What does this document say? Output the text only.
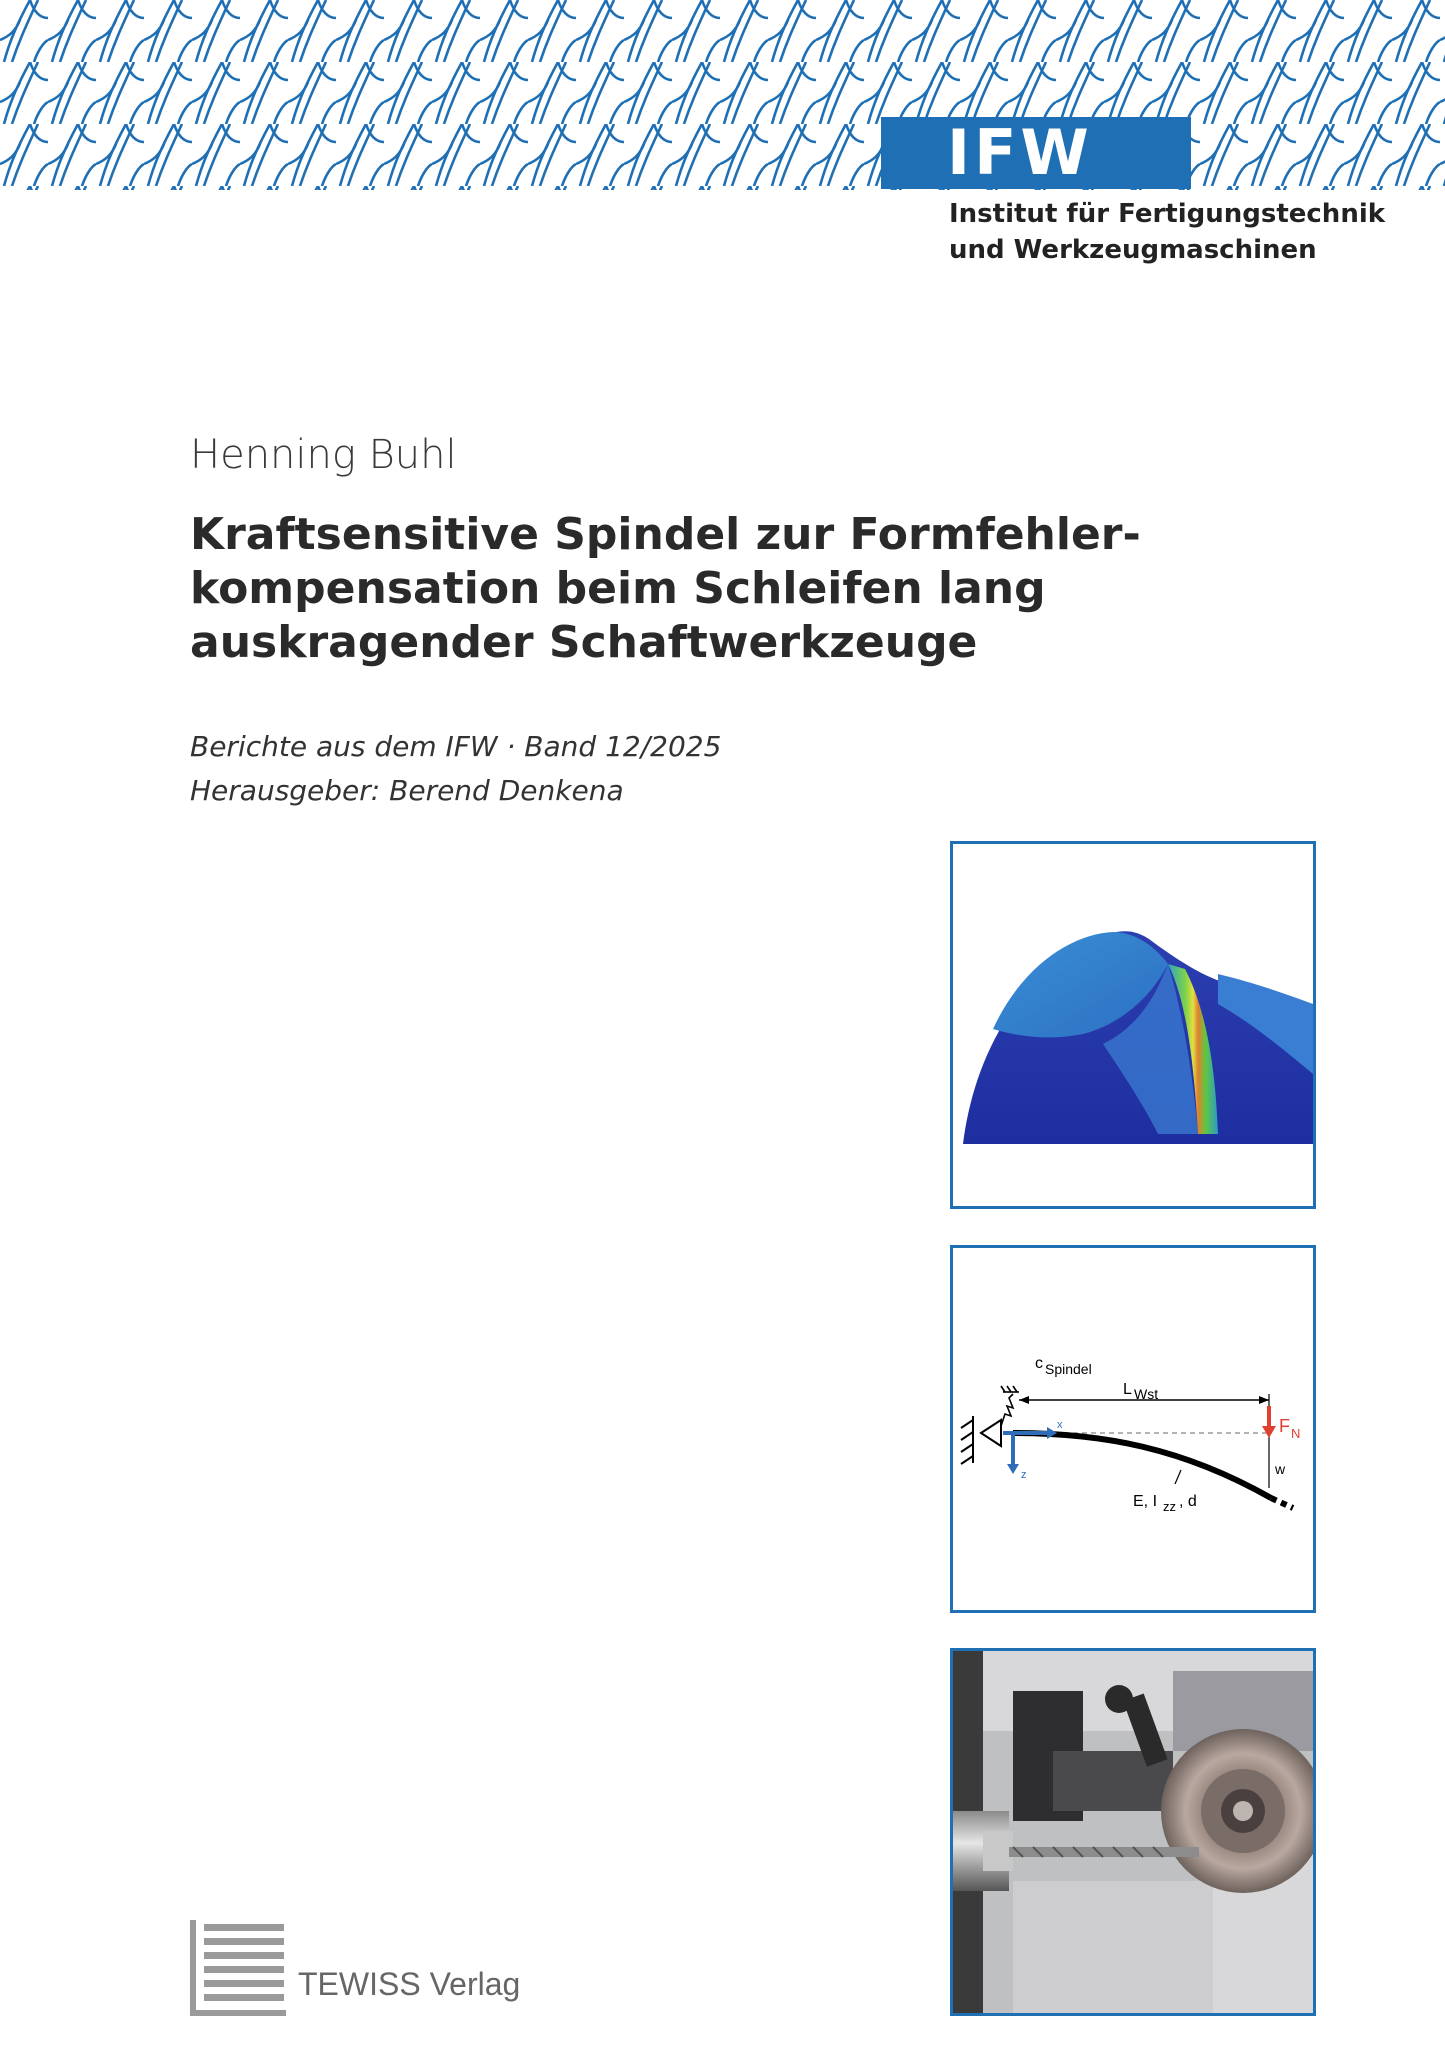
IFW
Institut für Fertigungstechnik
und Werkzeugmaschinen
Henning Buhl
Kraftsensitive Spindel zur Formfehler-
kompensation beim Schleifen lang
auskragender Schaftwerkzeuge
Berichte aus dem IFW · Band 12/2025
Herausgeber: Berend Denkena
c Spindel
L Wst
x
z
F N
w
E, I zz , d
TEWISS Verlag
